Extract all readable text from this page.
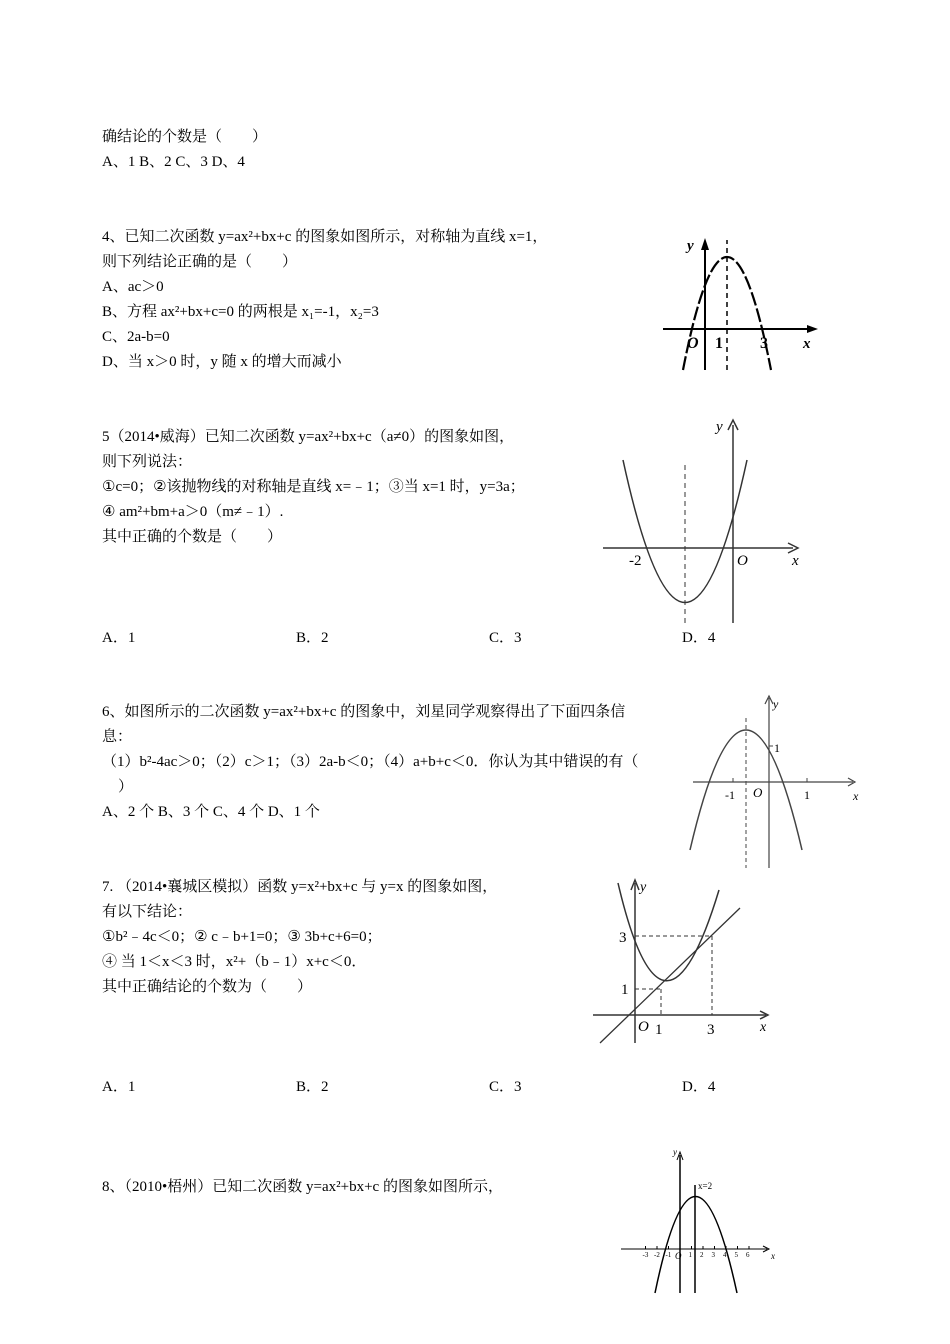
确结论的个数是（　　）
A、1 B、2 C、3 D、4
4、已知二次函数 y=ax²+bx+c 的图象如图所示，对称轴为直线 x=1，
则下列结论正确的是（　　）
A、ac＞0
B、方程 ax²+bx+c=0 的两根是 x₁=-1，x₂=3
C、2a-b=0
D、当 x＞0 时，y 随 x 的增大而减小
y
x
O 1 3
5（2014•威海）已知二次函数 y=ax²+bx+c（a≠0）的图象如图，
则下列说法：
①c=0；②该抛物线的对称轴是直线 x=﹣1；③当 x=1 时，y=3a；
④ am²+bm+a＞0（m≠﹣1）.
其中正确的个数是（　　）
A．1	B．2	C．3	D．4
y
x
O
-2
6、如图所示的二次函数 y=ax²+bx+c 的图象中，刘星同学观察得出了下面四条信
息：
（1）b²-4ac＞0；（2）c＞1；（3）2a-b＜0；（4）a+b+c＜0．你认为其中错误的有（
）
A、2 个 B、3 个 C、4 个 D、1 个
y
x
O
-1	1
1
7. （2014•襄城区模拟）函数 y=x²+bx+c 与 y=x 的图象如图，
有以下结论：
①b²﹣4c＜0；② c﹣b+1=0；③ 3b+c+6=0；
④ 当 1＜x＜3 时，x²+（b﹣1）x+c＜0．
其中正确结论的个数为（　　）
A．1	B．2	C．3	D．4
y
x
O 1	3
1
3
8、（2010•梧州）已知二次函数 y=ax²+bx+c 的图象如图所示，
-3 -2 -1 1 2 3 4 5 6
y
x
O
x=2
